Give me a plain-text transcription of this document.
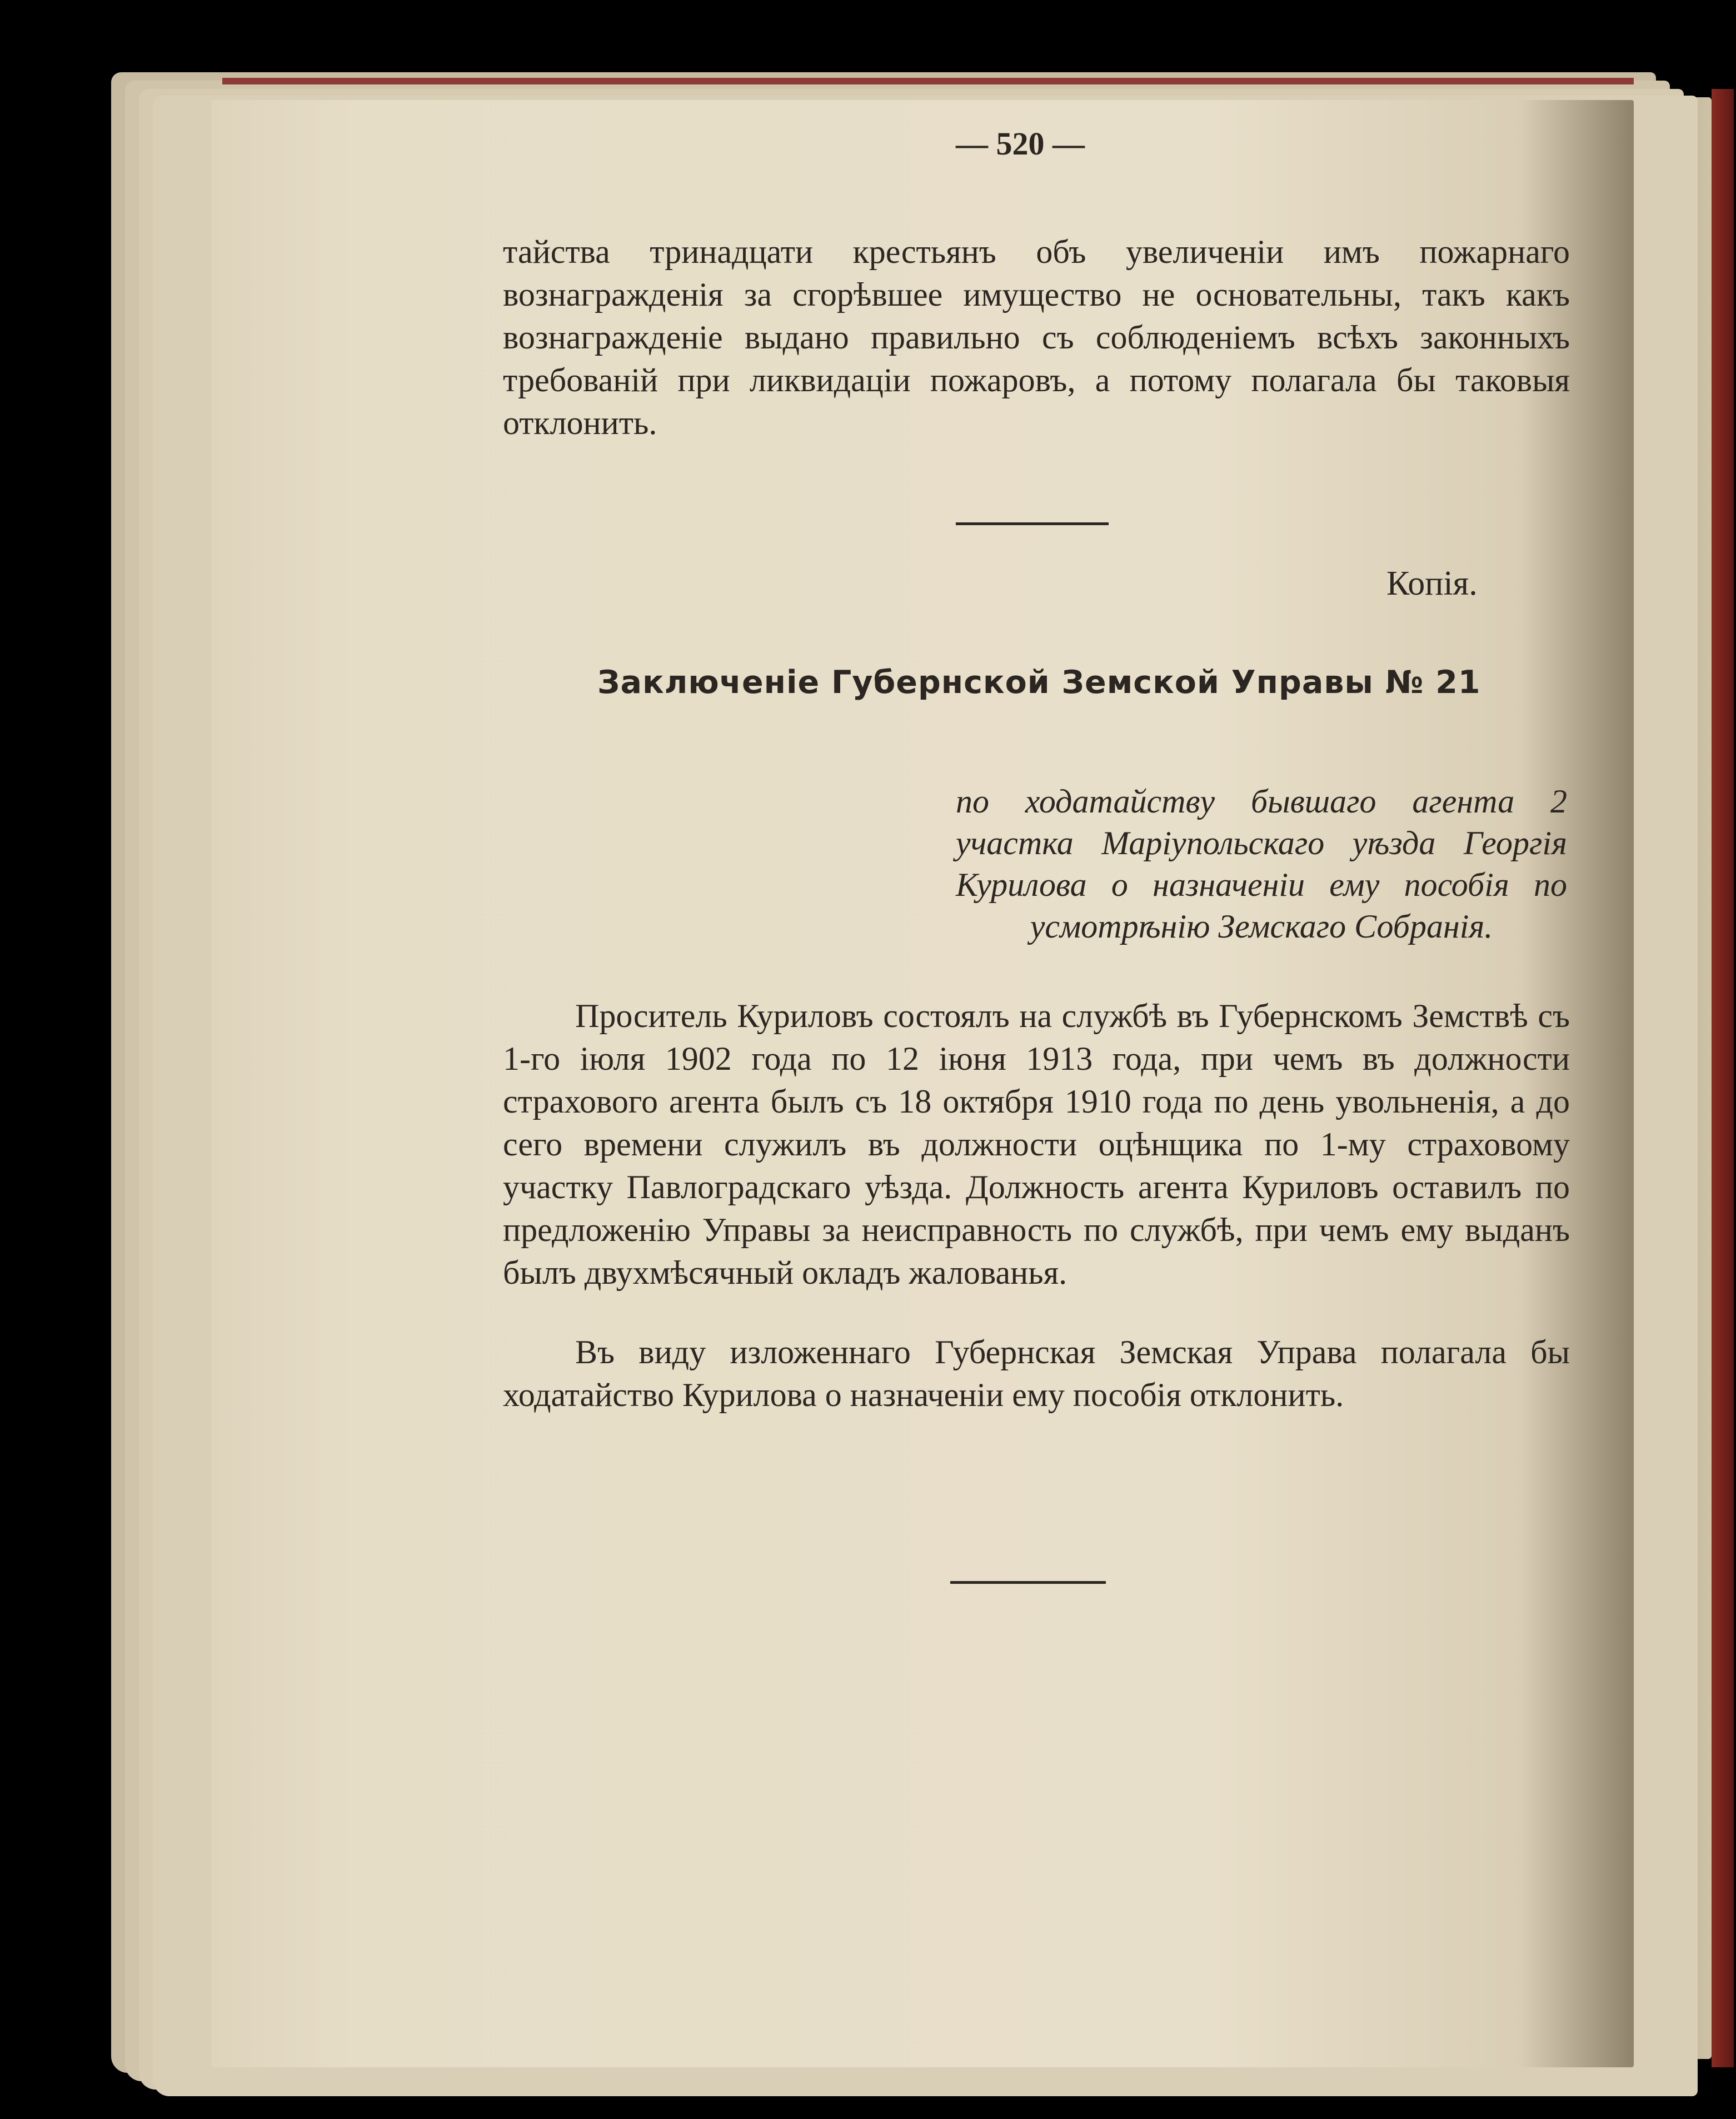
— 520 —

тайства тринадцати крестьянъ объ увеличенiи имъ пожарнаго вознагражденiя за сгорѣвшее имущество не основательны, такъ какъ вознагражденiе выдано правильно съ соблюденiемъ всѣхъ законныхъ требованiй при ликвидацiи пожаровъ, а потому полагала бы таковыя отклонить.

Копiя.
Заключенiе Губернской Земской Управы № 21

по ходатайству бывшаго агента 2 участка Марiупольскаго уѣзда Георгiя Курилова о назначенiи ему пособiя по усмотрѣнiю Земскаго Собранiя.

Проситель Куриловъ состоялъ на службѣ въ Губернскомъ Земствѣ съ 1-го iюля 1902 года по 12 iюня 1913 года, при чемъ въ должности страхового агента былъ съ 18 октября 1910 года по день увольненiя, а до сего времени служилъ въ должности оцѣнщика по 1-му страховому участку Павлоградскаго уѣзда. Должность агента Куриловъ оставилъ по предложенiю Управы за неисправность по службѣ, при чемъ ему выданъ былъ двухмѣсячный окладъ жалованья.

Въ виду изложеннаго Губернская Земская Управа полагала бы ходатайство Курилова о назначенiи ему пособiя отклонить.
